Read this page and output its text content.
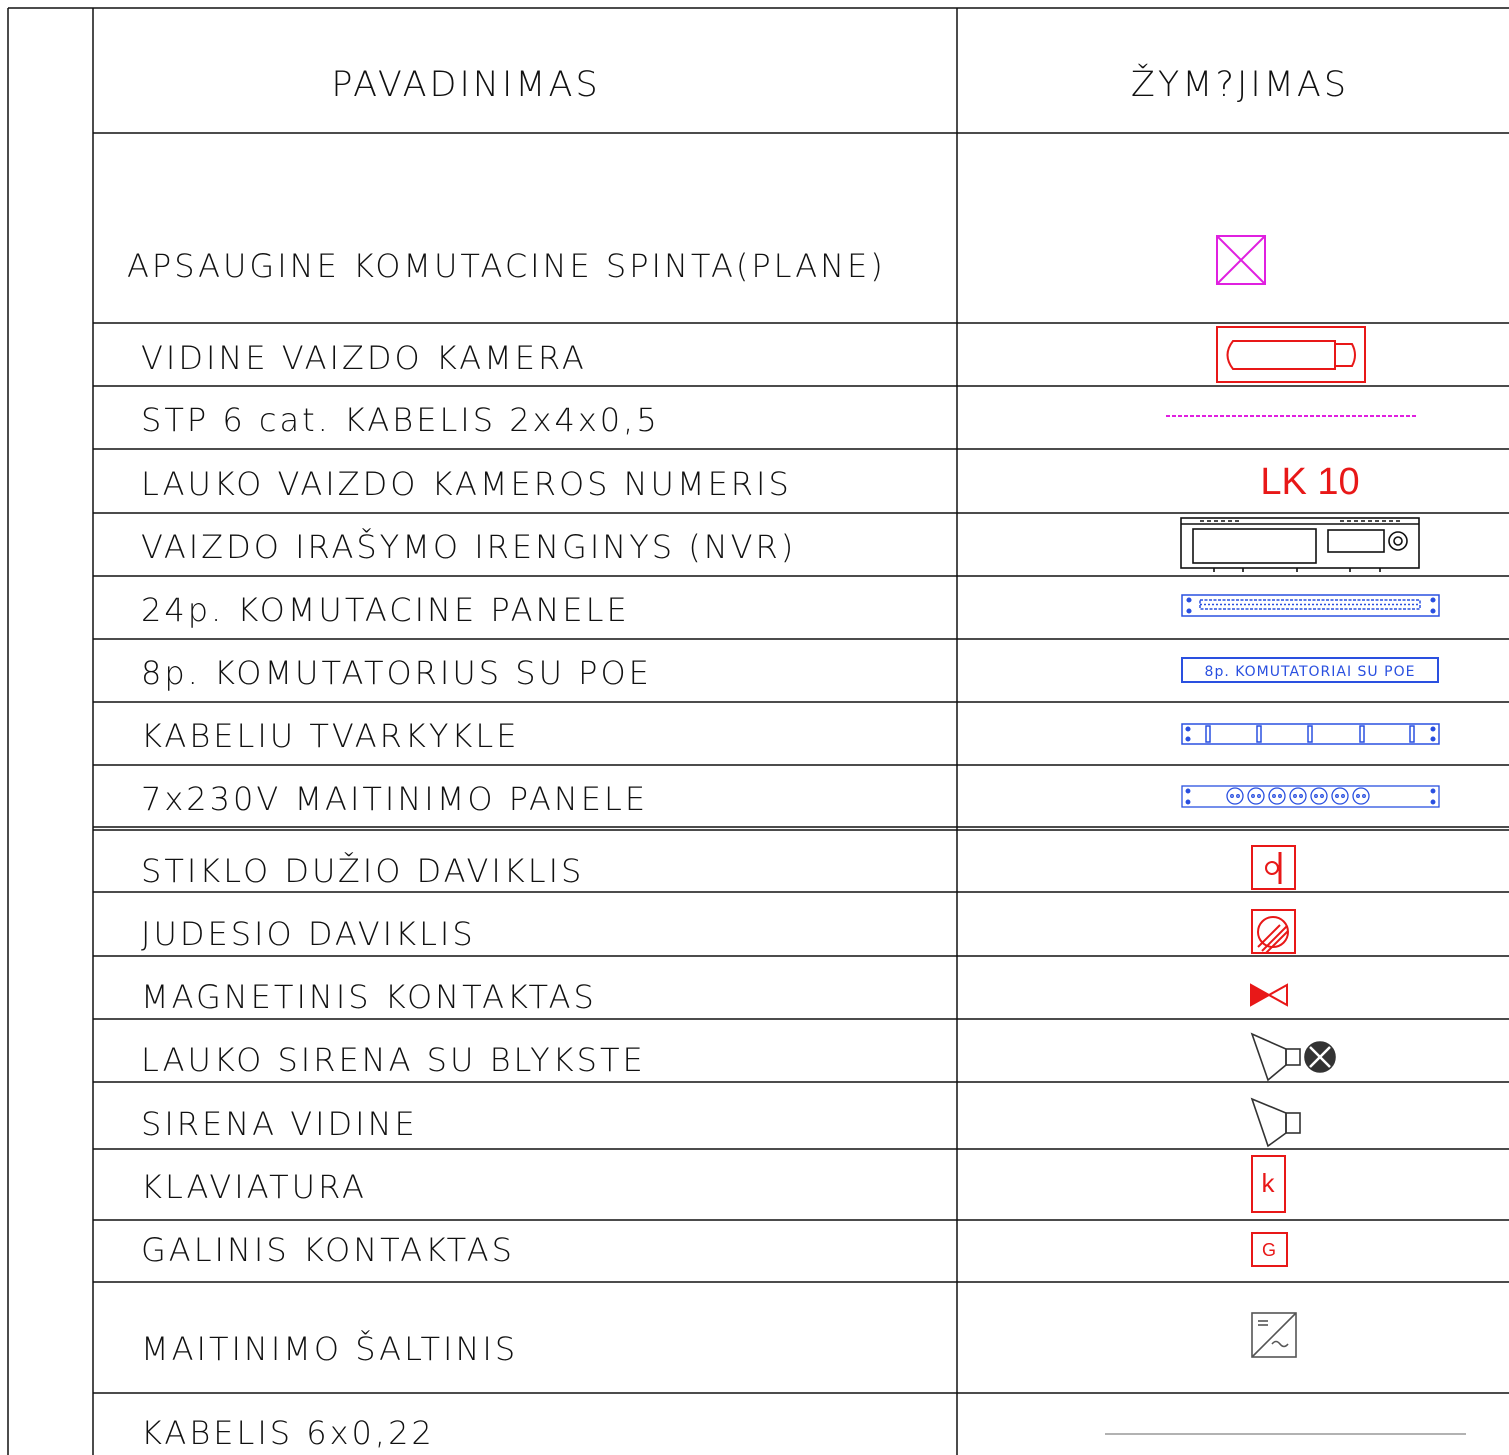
PAVADINIMAS	ŽYM?JIMAS
APSAUGINE KOMUTACINE SPINTA(PLANE)
VIDINE VAIZDO KAMERA
STP 6 cat. KABELIS 2x4x0,5
LAUKO VAIZDO KAMEROS NUMERIS
VAIZDO IRAŠYMO IRENGINYS (NVR)
24p. KOMUTACINE PANELE
8p. KOMUTATORIUS SU POE
KABELIU TVARKYKLE
7x230V MAITINIMO PANELE
STIKLO DUŽIO DAVIKLIS
JUDESIO DAVIKLIS
MAGNETINIS KONTAKTAS
LAUKO SIRENA SU BLYKSTE
SIRENA VIDINE
KLAVIATURA
GALINIS KONTAKTAS
MAITINIMO ŠALTINIS
KABELIS 6x0,22
LK 10
8p. KOMUTATORIAI SU POE
k
G
